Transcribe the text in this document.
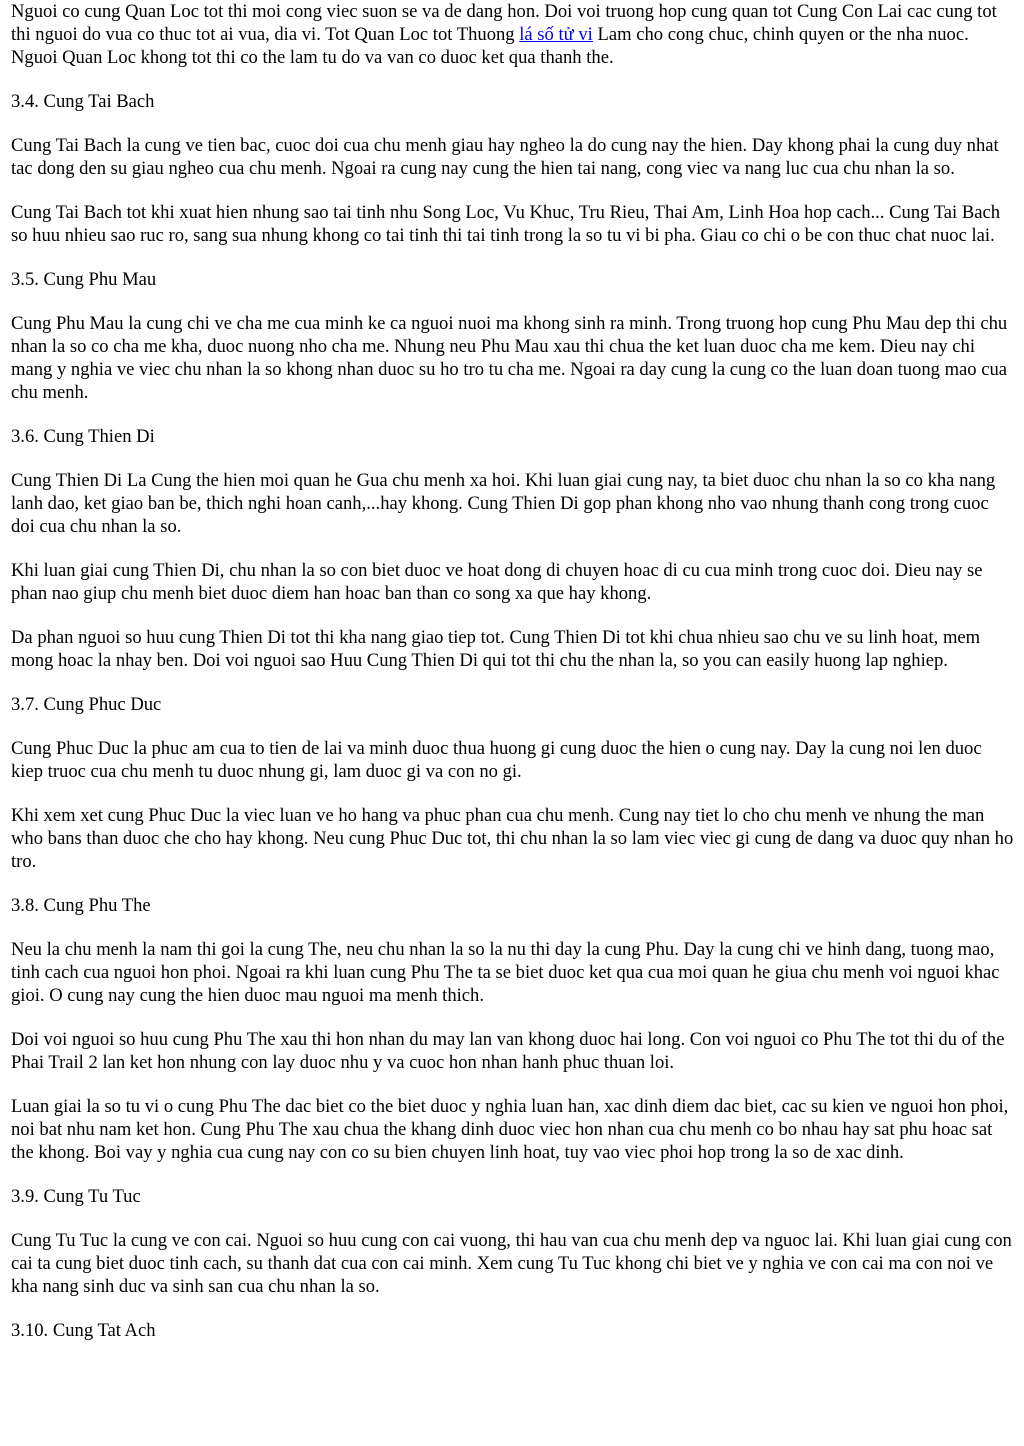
Nguoi co cung Quan Loc tot thi moi cong viec suon se va de dang hon. Doi voi truong hop cung quan tot Cung Con Lai cac cung tot thi nguoi do vua co thuc tot ai vua, dia vi. Tot Quan Loc tot Thuong lá số tử vi Lam cho cong chuc, chinh quyen or the nha nuoc. Nguoi Quan Loc khong tot thi co the lam tu do va van co duoc ket qua thanh the.

3.4. Cung Tai Bach

Cung Tai Bach la cung ve tien bac, cuoc doi cua chu menh giau hay ngheo la do cung nay the hien. Day khong phai la cung duy nhat tac dong den su giau ngheo cua chu menh. Ngoai ra cung nay cung the hien tai nang, cong viec va nang luc cua chu nhan la so.

Cung Tai Bach tot khi xuat hien nhung sao tai tinh nhu Song Loc, Vu Khuc, Tru Rieu, Thai Am, Linh Hoa hop cach... Cung Tai Bach so huu nhieu sao ruc ro, sang sua nhung khong co tai tinh thi tai tinh trong la so tu vi bi pha. Giau co chi o be con thuc chat nuoc lai.

3.5. Cung Phu Mau

Cung Phu Mau la cung chi ve cha me cua minh ke ca nguoi nuoi ma khong sinh ra minh. Trong truong hop cung Phu Mau dep thi chu nhan la so co cha me kha, duoc nuong nho cha me. Nhung neu Phu Mau xau thi chua the ket luan duoc cha me kem. Dieu nay chi mang y nghia ve viec chu nhan la so khong nhan duoc su ho tro tu cha me. Ngoai ra day cung la cung co the luan doan tuong mao cua chu menh.

3.6. Cung Thien Di

Cung Thien Di La Cung the hien moi quan he Gua chu menh xa hoi. Khi luan giai cung nay, ta biet duoc chu nhan la so co kha nang lanh dao, ket giao ban be, thich nghi hoan canh,...hay khong. Cung Thien Di gop phan khong nho vao nhung thanh cong trong cuoc doi cua chu nhan la so.

Khi luan giai cung Thien Di, chu nhan la so con biet duoc ve hoat dong di chuyen hoac di cu cua minh trong cuoc doi. Dieu nay se phan nao giup chu menh biet duoc diem han hoac ban than co song xa que hay khong.

Da phan nguoi so huu cung Thien Di tot thi kha nang giao tiep tot. Cung Thien Di tot khi chua nhieu sao chu ve su linh hoat, mem mong hoac la nhay ben. Doi voi nguoi sao Huu Cung Thien Di qui tot thi chu the nhan la, so you can easily huong lap nghiep.

3.7. Cung Phuc Duc

Cung Phuc Duc la phuc am cua to tien de lai va minh duoc thua huong gi cung duoc the hien o cung nay. Day la cung noi len duoc kiep truoc cua chu menh tu duoc nhung gi, lam duoc gi va con no gi.

Khi xem xet cung Phuc Duc la viec luan ve ho hang va phuc phan cua chu menh. Cung nay tiet lo cho chu menh ve nhung the man who bans than duoc che cho hay khong. Neu cung Phuc Duc tot, thi chu nhan la so lam viec viec gi cung de dang va duoc quy nhan ho tro.

3.8. Cung Phu The

Neu la chu menh la nam thi goi la cung The, neu chu nhan la so la nu thi day la cung Phu. Day la cung chi ve hinh dang, tuong mao, tinh cach cua nguoi hon phoi. Ngoai ra khi luan cung Phu The ta se biet duoc ket qua cua moi quan he giua chu menh voi nguoi khac gioi. O cung nay cung the hien duoc mau nguoi ma menh thich.

Doi voi nguoi so huu cung Phu The xau thi hon nhan du may lan van khong duoc hai long. Con voi nguoi co Phu The tot thi du of the Phai Trail 2 lan ket hon nhung con lay duoc nhu y va cuoc hon nhan hanh phuc thuan loi.

Luan giai la so tu vi o cung Phu The dac biet co the biet duoc y nghia luan han, xac dinh diem dac biet, cac su kien ve nguoi hon phoi, noi bat nhu nam ket hon. Cung Phu The xau chua the khang dinh duoc viec hon nhan cua chu menh co bo nhau hay sat phu hoac sat the khong. Boi vay y nghia cua cung nay con co su bien chuyen linh hoat, tuy vao viec phoi hop trong la so de xac dinh.

3.9. Cung Tu Tuc

Cung Tu Tuc la cung ve con cai. Nguoi so huu cung con cai vuong, thi hau van cua chu menh dep va nguoc lai. Khi luan giai cung con cai ta cung biet duoc tinh cach, su thanh dat cua con cai minh. Xem cung Tu Tuc khong chi biet ve y nghia ve con cai ma con noi ve kha nang sinh duc va sinh san cua chu nhan la so.

3.10. Cung Tat Ach
